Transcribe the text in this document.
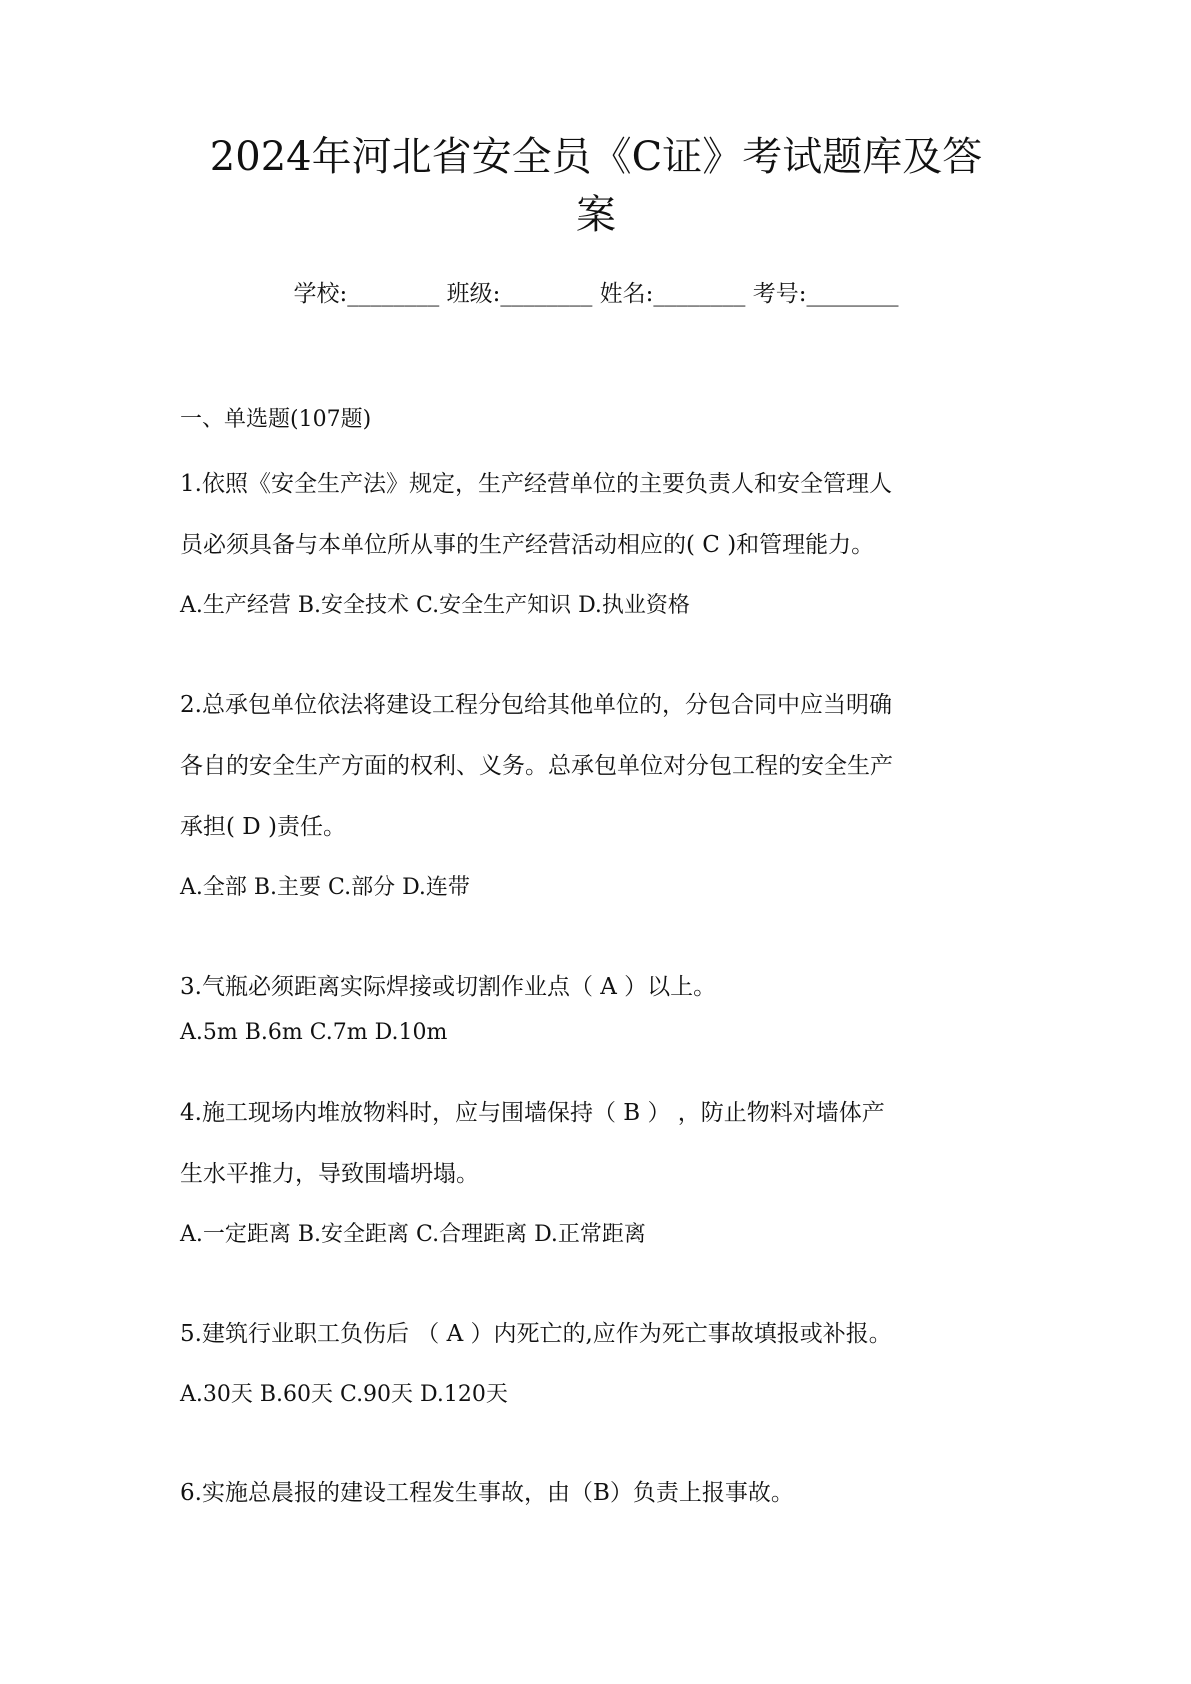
2024年河北省安全员《C证》考试题库及答
案
学校:________ 班级:________ 姓名:________ 考号:________
一、单选题(107题)
1.依照《安全生产法》规定，生产经营单位的主要负责人和安全管理人
员必须具备与本单位所从事的生产经营活动相应的( C )和管理能力。
A.生产经营 B.安全技术 C.安全生产知识 D.执业资格
2.总承包单位依法将建设工程分包给其他单位的，分包合同中应当明确
各自的安全生产方面的权利、义务。总承包单位对分包工程的安全生产
承担( D )责任。
A.全部 B.主要 C.部分 D.连带
3.气瓶必须距离实际焊接或切割作业点（ A ）以上。
A.5m B.6m C.7m D.10m
4.施工现场内堆放物料时，应与围墙保持（ B ） ，防止物料对墙体产
生水平推力，导致围墙坍塌。
A.一定距离 B.安全距离 C.合理距离 D.正常距离
5.建筑行业职工负伤后 （ A ）内死亡的,应作为死亡事故填报或补报。
A.30天 B.60天 C.90天 D.120天
6.实施总晨报的建设工程发生事故，由（B）负责上报事故。
